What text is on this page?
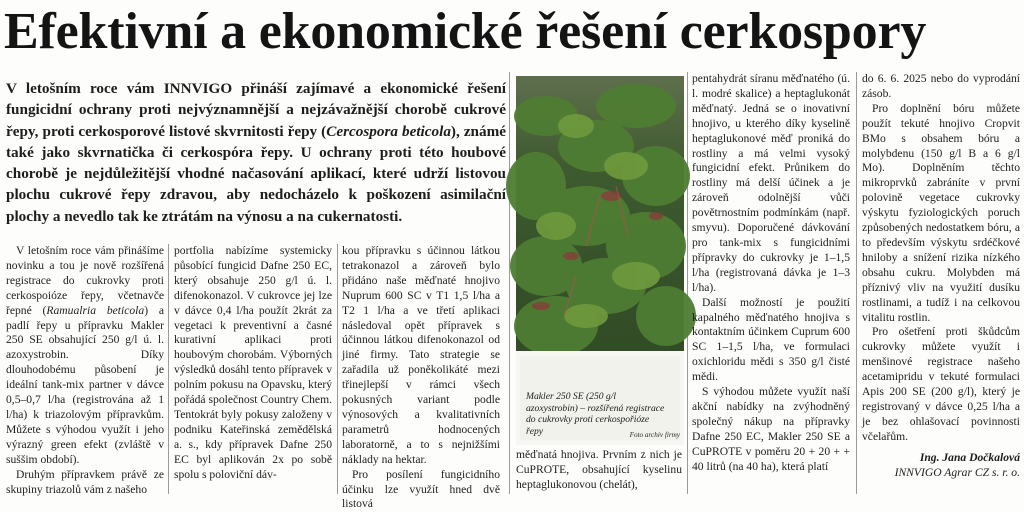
Efektivní a ekonomické řešení cerkospory

V letošním roce vám INNVIGO přináší zajímavé a ekonomické řešení fungicidní ochrany proti nejvýznamnější a nejzávažnější chorobě cukrové řepy, proti cerkosporové listové skvrnitosti řepy (Cercospora beticola), známé také jako skvrnatička či cerkospóra řepy. U ochrany proti této houbové chorobě je nejdůležitější vhodné načasování aplikací, které udrží listovou plochu cukrové řepy zdravou, aby nedocházelo k poškození asimilační plochy a nevedlo tak ke ztrátám na výnosu a na cukernatosti.

V letošním roce vám přinášíme novinku a tou je nově rozšířená registrace do cukrovky proti cerkospoióze řepy, včetnavče řepné (Ramualria beticola) a padlí řepy u přípravku Makler 250 SE obsahující 250 g/l ú. l. azoxystrobin. Díky dlouhodobému působení je ideální tank-mix partner v dávce 0,5–0,7 l/ha (registrována až 1 l/ha) k triazolovým přípravkům. Můžete s výhodou využít i jeho výrazný green efekt (zvláště v suššim období).

Druhým přípravkem právě ze skupiny triazolů vám z našeho

portfolia nabízíme systemicky působící fungicid Dafne 250 EC, který obsahuje 250 g/l ú. l. difenokonazol. V cukrovce jej lze v dávce 0,4 l/ha použít 2krát za vegetaci k preventivní a časné kurativní aplikaci proti houbovým chorobám. Výborných výsledků dosáhl tento přípravek v polním pokusu na Opavsku, který pořádá společnost Country Chem. Tentokrát byly pokusy založeny v podniku Kateřinská zemědělská a. s., kdy přípravek Dafne 250 EC byl aplikován 2x po sobě spolu s poloviční dáv-

kou přípravku s účinnou látkou tetrakonazol a zároveň bylo přidáno naše měďnaté hnojivo Nuprum 600 SC v T1 1,5 l/ha a T2 1 l/ha a ve třetí aplikaci následoval opět přípravek s účinnou látkou difenokonazol od jiné firmy. Tato strategie se zařadila už poněkolikáté mezi třinejlepší v rámci všech pokusných variant podle výnosových a kvalitativních parametrů hodnocených laboratorně, a to s nejnižšími náklady na hektar.

Pro posílení fungicidního účinku lze využít hned dvě listová

Makler 250 SE (250 g/l azoxystrobin) – rozšířená registrace do cukrovky proti cerkospořióze řepy	Foto archiv firmy

měďnatá hnojiva. Prvním z nich je CuPROTE, obsahující kyselinu heptaglukonovou (chelát),

pentahydrát síranu měďnatého (ú. l. modré skalice) a heptaglukonát měďnatý. Jedná se o inovativní hnojivo, u kterého díky kyselině heptaglukonové měď proniká do rostliny a má velmi vysoký fungicidní efekt. Průnikem do rostliny má delší účinek a je zároveň odolnější vůči povětrnostním podmínkám (např. smyvu). Doporučené dávkování pro tank-mix s fungicidními přípravky do cukrovky je 1–1,5 l/ha (registrovaná dávka je 1–3 l/ha).

Další možností je použití kapalného měďnatého hnojiva s kontaktním účinkem Cuprum 600 SC 1–1,5 l/ha, ve formulaci oxichloridu mědi s 350 g/l čisté mědi.

S výhodou můžete využít naší akční nabídky na zvýhodněný společný nákup na přípravky Dafne 250 EC, Makler 250 SE a CuPROTE v poměru 20 + 20 + + 40 litrů (na 40 ha), která platí

do 6. 6. 2025 nebo do vyprodání zásob.

Pro doplnění bóru můžete použít tekuté hnojivo Cropvit BMo s obsahem bóru a molybdenu (150 g/l B a 6 g/l Mo). Doplněním těchto mikroprvků zabráníte v první polovině vegetace cukrovky výskytu fyziologických poruch způsobených nedostatkem bóru, a to především výskytu srdéčkové hniloby a snížení rizika nízkého obsahu cukru. Molybden má příznivý vliv na využití dusíku rostlinami, a tudíž i na celkovou vitalitu rostlin.

Pro ošetření proti škůdcům cukrovky můžete využít i menšinové registrace našeho acetamipridu v tekuté formulaci Apis 200 SE (200 g/l), který je registrovaný v dávce 0,25 l/ha a je bez ohlašovací povinnosti včelařům.

Ing. Jana Dočkalová

INNVIGO Agrar CZ s. r. o.
